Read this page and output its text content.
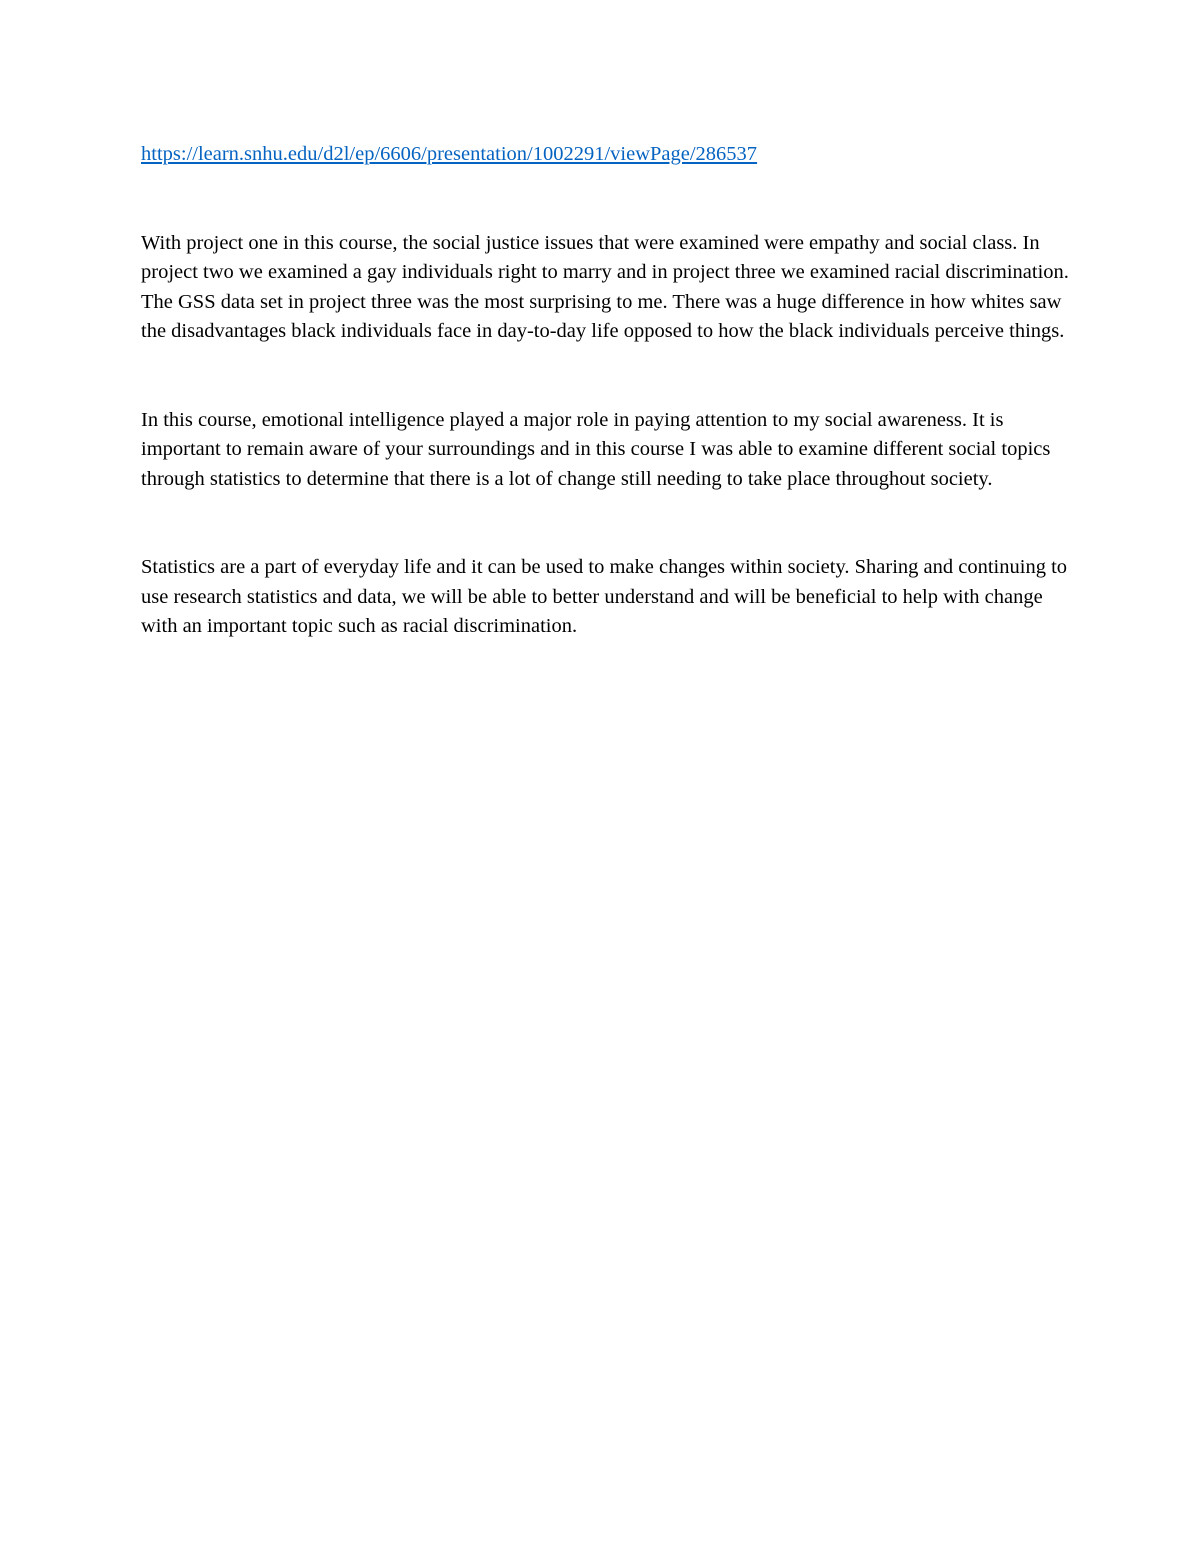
https://learn.snhu.edu/d2l/ep/6606/presentation/1002291/viewPage/286537

With project one in this course, the social justice issues that were examined were empathy and social class. In project two we examined a gay individuals right to marry and in project three we examined racial discrimination. The GSS data set in project three was the most surprising to me. There was a huge difference in how whites saw the disadvantages black individuals face in day-to-day life opposed to how the black individuals perceive things.

In this course, emotional intelligence played a major role in paying attention to my social awareness. It is important to remain aware of your surroundings and in this course I was able to examine different social topics through statistics to determine that there is a lot of change still needing to take place throughout society.

Statistics are a part of everyday life and it can be used to make changes within society. Sharing and continuing to use research statistics and data, we will be able to better understand and will be beneficial to help with change with an important topic such as racial discrimination.
